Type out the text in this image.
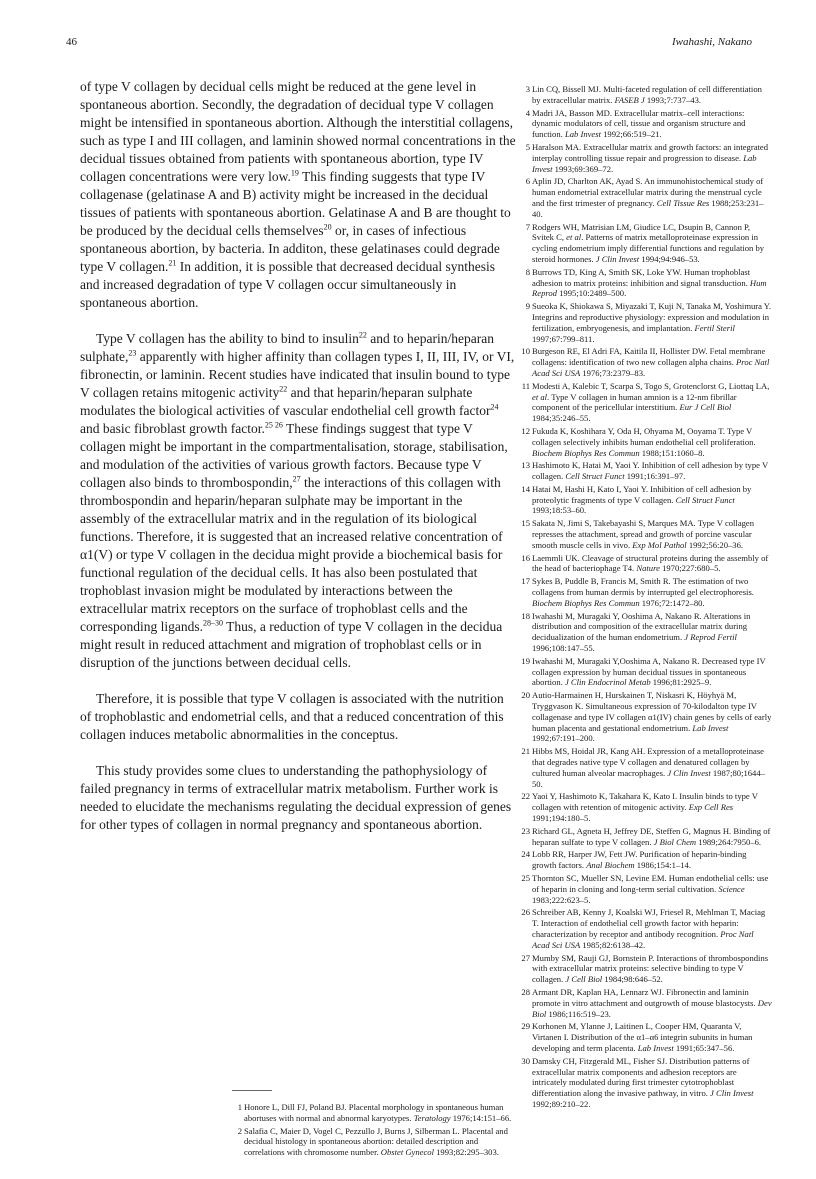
46	Iwahashi, Nakano

of type V collagen by decidual cells might be reduced at the gene level in spontaneous abortion. Secondly, the degradation of decidual type V collagen might be intensified in spontaneous abortion. Although the interstitial collagens, such as type I and III collagen, and laminin showed normal concentrations in the decidual tissues obtained from patients with spontaneous abortion, type IV collagen concentrations were very low.$^{19}$ This finding suggests that type IV collagenase (gelatinase A and B) activity might be increased in the decidual tissues of patients with spontaneous abortion. Gelatinase A and B are thought to be produced by the decidual cells themselves$^{20}$ or, in cases of infectious spontaneous abortion, by bacteria. In additon, these gelatinases could degrade type V collagen.$^{21}$ In addition, it is possible that decreased decidual synthesis and increased degradation of type V collagen occur simultaneously in spontaneous abortion.

Type V collagen has the ability to bind to insulin$^{22}$ and to heparin/heparan sulphate,$^{23}$ apparently with higher affinity than collagen types I, II, III, IV, or VI, fibronectin, or laminin. Recent studies have indicated that insulin bound to type V collagen retains mitogenic activity$^{22}$ and that heparin/heparan sulphate modulates the biological activities of vascular endothelial cell growth factor$^{24}$ and basic fibroblast growth factor.$^{25 26}$ These findings suggest that type V collagen might be important in the compartmentalisation, storage, stabilisation, and modulation of the activities of various growth factors. Because type V collagen also binds to thrombospondin,$^{27}$ the interactions of this collagen with thrombospondin and heparin/heparan sulphate may be important in the assembly of the extracellular matrix and in the regulation of its biological functions. Therefore, it is suggested that an increased relative concentration of α1(V) or type V collagen in the decidua might provide a biochemical basis for functional regulation of the decidual cells. It has also been postulated that trophoblast invasion might be modulated by interactions between the extracellular matrix receptors on the surface of trophoblast cells and the corresponding ligands.$^{28-30}$ Thus, a reduction of type V collagen in the decidua might result in reduced attachment and migration of trophoblast cells or in disruption of the junctions between decidual cells.

Therefore, it is possible that type V collagen is associated with the nutrition of trophoblastic and endometrial cells, and that a reduced concentration of this collagen induces metabolic abnormalities in the conceptus.

This study provides some clues to understanding the pathophysiology of failed pregnancy in terms of extracellular matrix metabolism. Further work is needed to elucidate the mechanisms regulating the decidual expression of genes for other types of collagen in normal pregnancy and spontaneous abortion.

1 Honore L, Dill FJ, Poland BJ. Placental morphology in spontaneous human abortuses with normal and abnormal karyotypes. Teratology 1976;14:151–66.
2 Salafia C, Maier D, Vogel C, Pezzullo J, Burns J, Silberman L. Placental and decidual histology in spontaneous abortion: detailed description and correlations with chromosome number. Obstet Gynecol 1993;82:295–303.
3 Lin CQ, Bissell MJ. Multi-faceted regulation of cell differentiation by extracellular matrix. FASEB J 1993;7:737–43.
4 Madri JA, Basson MD. Extracellular matrix–cell interactions: dynamic modulators of cell, tissue and organism structure and function. Lab Invest 1992;66:519–21.
5 Haralson MA. Extracellular matrix and growth factors: an integrated interplay controlling tissue repair and progression to disease. Lab Invest 1993;69:369–72.
6 Aplin JD, Charlton AK, Ayad S. An immunohistochemical study of human endometrial extracellular matrix during the menstrual cycle and the first trimester of pregnancy. Cell Tissue Res 1988;253:231–40.
7 Rodgers WH, Matrisian LM, Giudice LC, Dsupin B, Cannon P, Svitek C, et al. Patterns of matrix metalloproteinase expression in cycling endometrium imply differential functions and regulation by steroid hormones. J Clin Invest 1994;94:946–53.
8 Burrows TD, King A, Smith SK, Loke YW. Human trophoblast adhesion to matrix proteins: inhibition and signal transduction. Hum Reprod 1995;10:2489–500.
9 Sueoka K, Shiokawa S, Miyazaki T, Kuji N, Tanaka M, Yoshimura Y. Integrins and reproductive physiology: expression and modulation in fertilization, embryogenesis, and implantation. Fertil Steril 1997;67:799–811.
10 Burgeson RE, El Adri FA, Kaitila II, Hollister DW. Fetal membrane collagens: identification of two new collagen alpha chains. Proc Natl Acad Sci USA 1976;73:2379–83.
11 Modesti A, Kalebic T, Scarpa S, Togo S, Grotenclorst G, Liottaq LA, et al. Type V collagen in human amnion is a 12-nm fibrillar component of the pericellular interstitium. Eur J Cell Biol 1984;35:246–55.
12 Fukuda K, Koshihara Y, Oda H, Ohyama M, Ooyama T. Type V collagen selectively inhibits human endothelial cell proliferation. Biochem Biophys Res Commun 1988;151:1060–8.
13 Hashimoto K, Hatai M, Yaoi Y. Inhibition of cell adhesion by type V collagen. Cell Struct Funct 1991;16:391–97.
14 Hatai M, Hashi H, Kato I, Yaoi Y. Inhibition of cell adhesion by proteolytic fragments of type V collagen. Cell Struct Funct 1993;18:53–60.
15 Sakata N, Jimi S, Takebayashi S, Marques MA. Type V collagen represses the attachment, spread and growth of porcine vascular smooth muscle cells in vivo. Exp Mol Pathol 1992;56:20–36.
16 Laemmli UK. Cleavage of structural proteins during the assembly of the head of bacteriophage T4. Nature 1970;227:680–5.
17 Sykes B, Puddle B, Francis M, Smith R. The estimation of two collagens from human dermis by interrupted gel electrophoresis. Biochem Biophys Res Commun 1976;72:1472–80.
18 Iwahashi M, Muragaki Y, Ooshima A, Nakano R. Alterations in distribution and composition of the extracellular matrix during decidualization of the human endometrium. J Reprod Fertil 1996;108:147–55.
19 Iwahashi M, Muragaki Y,Ooshima A, Nakano R. Decreased type IV collagen expression by human decidual tissues in spontaneous abortion. J Clin Endocrinol Metab 1996;81:2925–9.
20 Autio-Harmainen H, Hurskainen T, Niskasri K, Höyhyä M, Tryggvason K. Simultaneous expression of 70-kilodalton type IV collagenase and type IV collagen α1(IV) chain genes by cells of early human placenta and gestational endometrium. Lab Invest 1992;67:191–200.
21 Hibbs MS, Hoidal JR, Kang AH. Expression of a metalloproteinase that degrades native type V collagen and denatured collagen by cultured human alveolar macrophages. J Clin Invest 1987;80;1644–50.
22 Yaoi Y, Hashimoto K, Takahara K, Kato I. Insulin binds to type V collagen with retention of mitogenic activity. Exp Cell Res 1991;194:180–5.
23 Richard GL, Agneta H, Jeffrey DE, Steffen G, Magnus H. Binding of heparan sulfate to type V collagen. J Biol Chem 1989;264:7950–6.
24 Lobb RR, Harper JW, Fett JW. Purification of heparin-binding growth factors. Anal Biochem 1986;154:1–14.
25 Thornton SC, Mueller SN, Levine EM. Human endothelial cells: use of heparin in cloning and long-term serial cultivation. Science 1983;222:623–5.
26 Schreiber AB, Kenny J, Koalski WJ, Friesel R, Mehlman T, Maciag T. Interaction of endothelial cell growth factor with heparin: characterization by receptor and antibody recognition. Proc Natl Acad Sci USA 1985;82:6138–42.
27 Mumby SM, Rauji GJ, Bornstein P. Interactions of thrombospondins with extracellular matrix proteins: selective binding to type V collagen. J Cell Biol 1984;98:646–52.
28 Armant DR, Kaplan HA, Lennarz WJ. Fibronectin and laminin promote in vitro attachment and outgrowth of mouse blastocysts. Dev Biol 1986;116:519–23.
29 Korhonen M, Ylanne J, Laitinen L, Cooper HM, Quaranta V, Virtanen I. Distribution of the α1–α6 integrin subunits in human developing and term placenta. Lab Invest 1991;65:347–56.
30 Damsky CH, Fitzgerald ML, Fisher SJ. Distribution patterns of extracellular matrix components and adhesion receptors are intricately modulated during first trimester cytotrophoblast differentiation along the invasive pathway, in vitro. J Clin Invest 1992;89:210–22.
